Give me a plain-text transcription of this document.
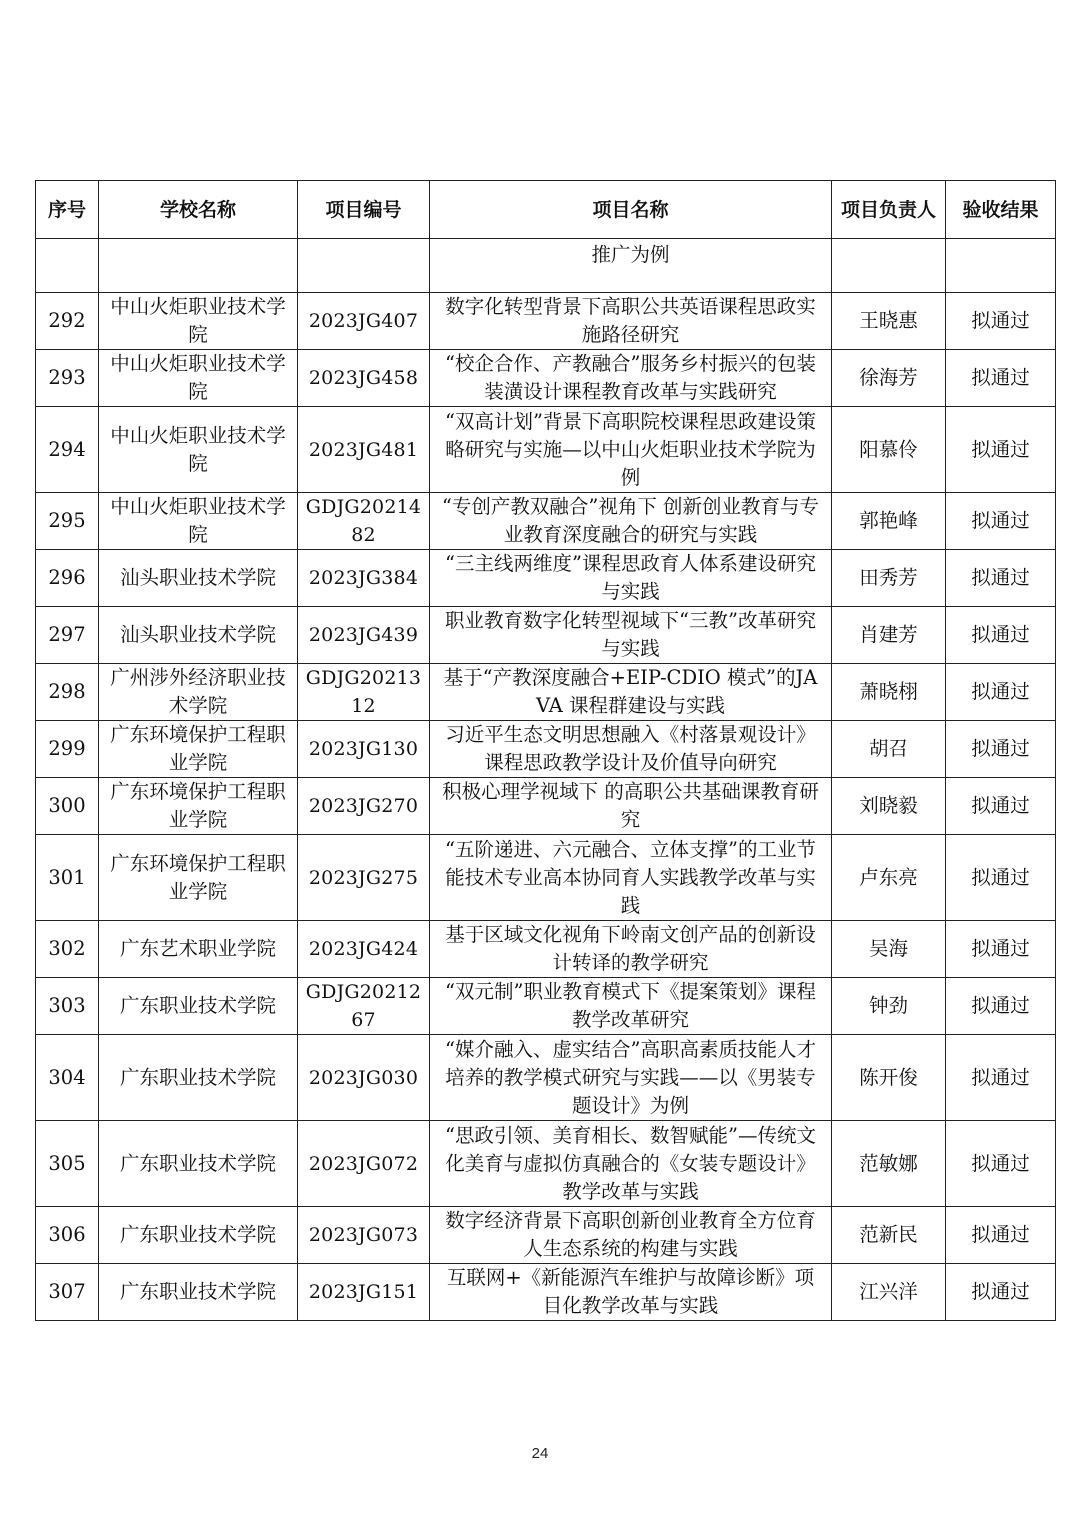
序号	学校名称	项目编号	项目名称	项目负责人	验收结果
			推广为例		
292	中山火炬职业技术学院	2023JG407	数字化转型背景下高职公共英语课程思政实施路径研究	王晓惠	拟通过
293	中山火炬职业技术学院	2023JG458	“校企合作、产教融合”服务乡村振兴的包装装潢设计课程教育改革与实践研究	徐海芳	拟通过
294	中山火炬职业技术学院	2023JG481	“双高计划”背景下高职院校课程思政建设策略研究与实施—以中山火炬职业技术学院为例	阳慕伶	拟通过
295	中山火炬职业技术学院	GDJG2021482	“专创产教双融合”视角下 创新创业教育与专业教育深度融合的研究与实践	郭艳峰	拟通过
296	汕头职业技术学院	2023JG384	“三主线两维度”课程思政育人体系建设研究与实践	田秀芳	拟通过
297	汕头职业技术学院	2023JG439	职业教育数字化转型视域下“三教”改革研究与实践	肖建芳	拟通过
298	广州涉外经济职业技术学院	GDJG2021312	基于“产教深度融合+EIP-CDIO 模式”的JAVA 课程群建设与实践	萧晓栩	拟通过
299	广东环境保护工程职业学院	2023JG130	习近平生态文明思想融入《村落景观设计》课程思政教学设计及价值导向研究	胡召	拟通过
300	广东环境保护工程职业学院	2023JG270	积极心理学视域下 的高职公共基础课教育研究	刘晓毅	拟通过
301	广东环境保护工程职业学院	2023JG275	“五阶递进、六元融合、立体支撑”的工业节能技术专业高本协同育人实践教学改革与实践	卢东亮	拟通过
302	广东艺术职业学院	2023JG424	基于区域文化视角下岭南文创产品的创新设计转译的教学研究	吴海	拟通过
303	广东职业技术学院	GDJG2021267	“双元制”职业教育模式下《提案策划》课程教学改革研究	钟劲	拟通过
304	广东职业技术学院	2023JG030	“媒介融入、虚实结合”高职高素质技能人才培养的教学模式研究与实践——以《男装专题设计》为例	陈开俊	拟通过
305	广东职业技术学院	2023JG072	“思政引领、美育相长、数智赋能”—传统文化美育与虚拟仿真融合的《女装专题设计》教学改革与实践	范敏娜	拟通过
306	广东职业技术学院	2023JG073	数字经济背景下高职创新创业教育全方位育人生态系统的构建与实践	范新民	拟通过
307	广东职业技术学院	2023JG151	互联网+《新能源汽车维护与故障诊断》项目化教学改革与实践	江兴洋	拟通过
24
